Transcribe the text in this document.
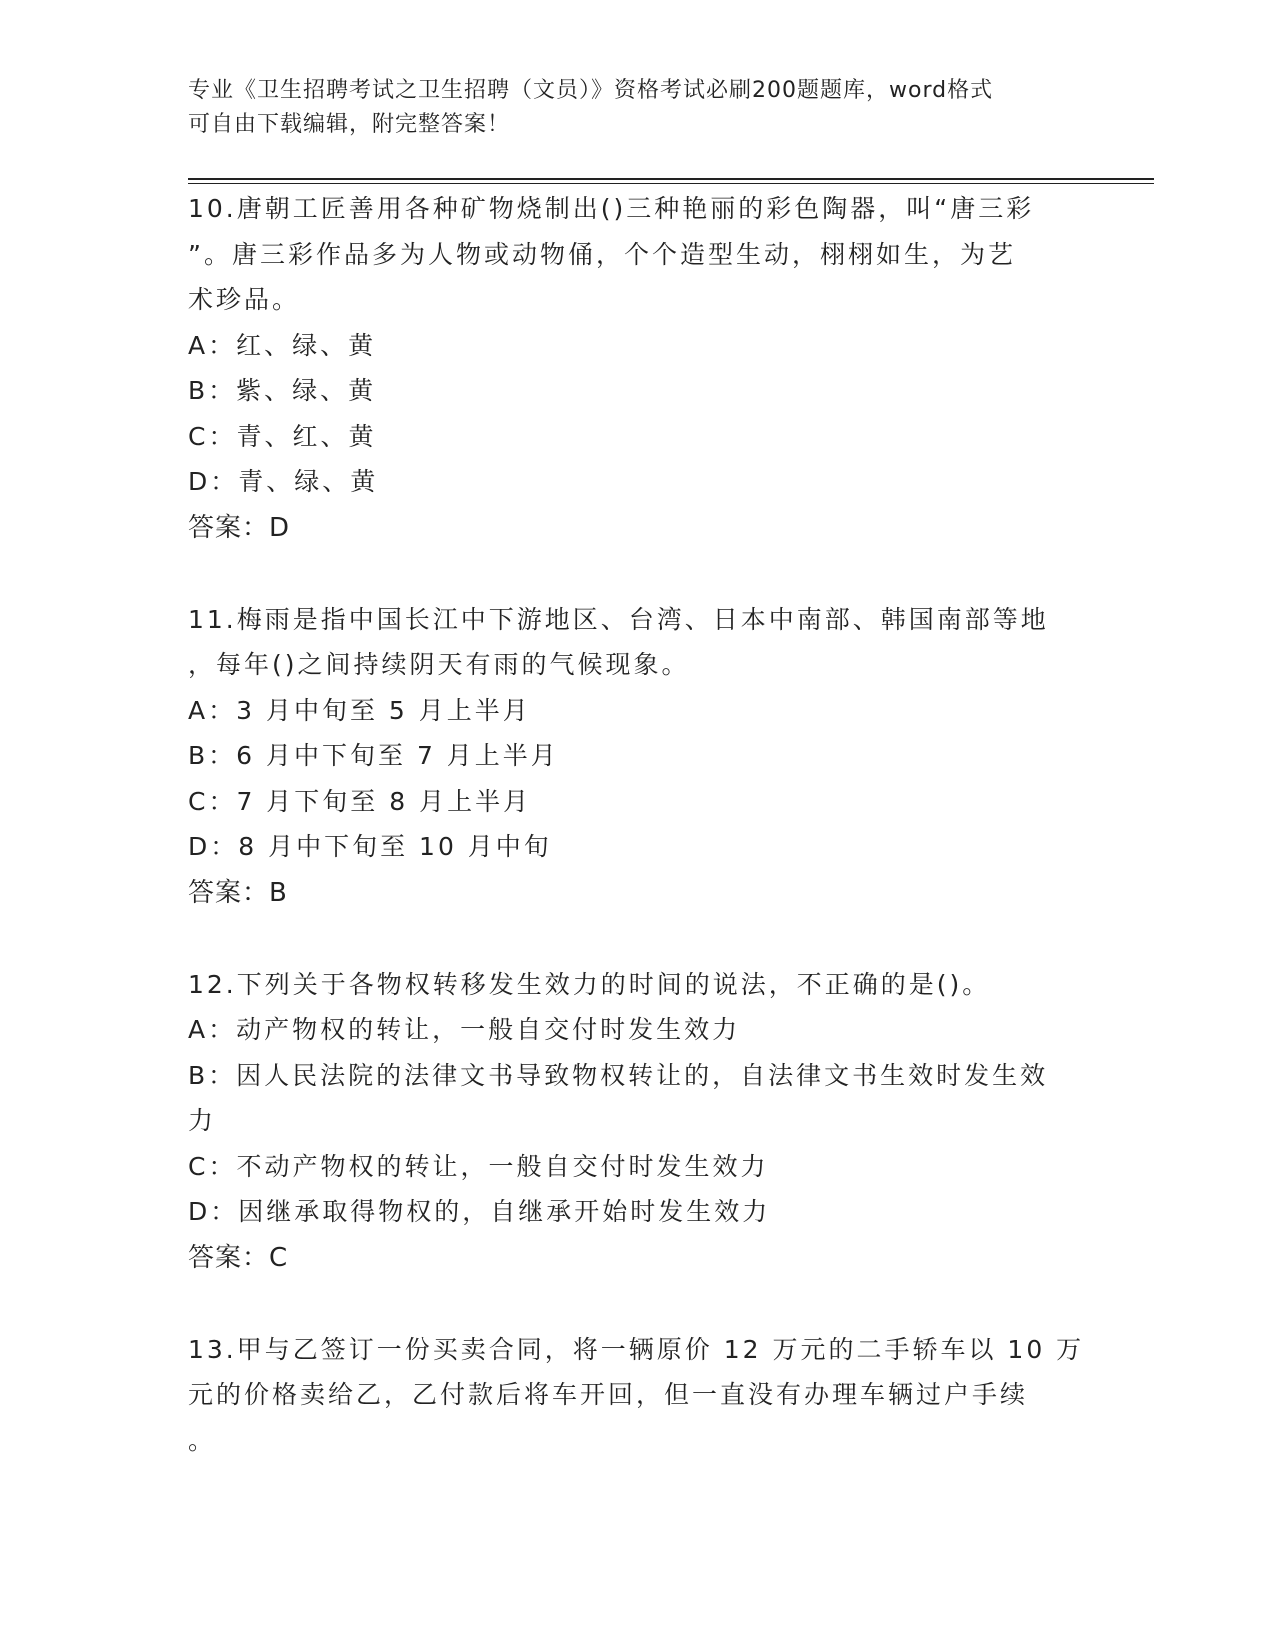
专业《卫生招聘考试之卫生招聘（文员）》资格考试必刷200题题库，word格式
可自由下载编辑，附完整答案！

10.唐朝工匠善用各种矿物烧制出()三种艳丽的彩色陶器，叫“唐三彩

”。唐三彩作品多为人物或动物俑，个个造型生动，栩栩如生，为艺

术珍品。

A：红、绿、黄

B：紫、绿、黄

C：青、红、黄

D：青、绿、黄

答案：D

11.梅雨是指中国长江中下游地区、台湾、日本中南部、韩国南部等地

，每年()之间持续阴天有雨的气候现象。

A：3 月中旬至 5 月上半月

B：6 月中下旬至 7 月上半月

C：7 月下旬至 8 月上半月

D：8 月中下旬至 10 月中旬

答案：B

12.下列关于各物权转移发生效力的时间的说法，不正确的是()。

A：动产物权的转让，一般自交付时发生效力

B：因人民法院的法律文书导致物权转让的，自法律文书生效时发生效

力

C：不动产物权的转让，一般自交付时发生效力

D：因继承取得物权的，自继承开始时发生效力

答案：C

13.甲与乙签订一份买卖合同，将一辆原价 12 万元的二手轿车以 10 万

元的价格卖给乙，乙付款后将车开回，但一直没有办理车辆过户手续

。
